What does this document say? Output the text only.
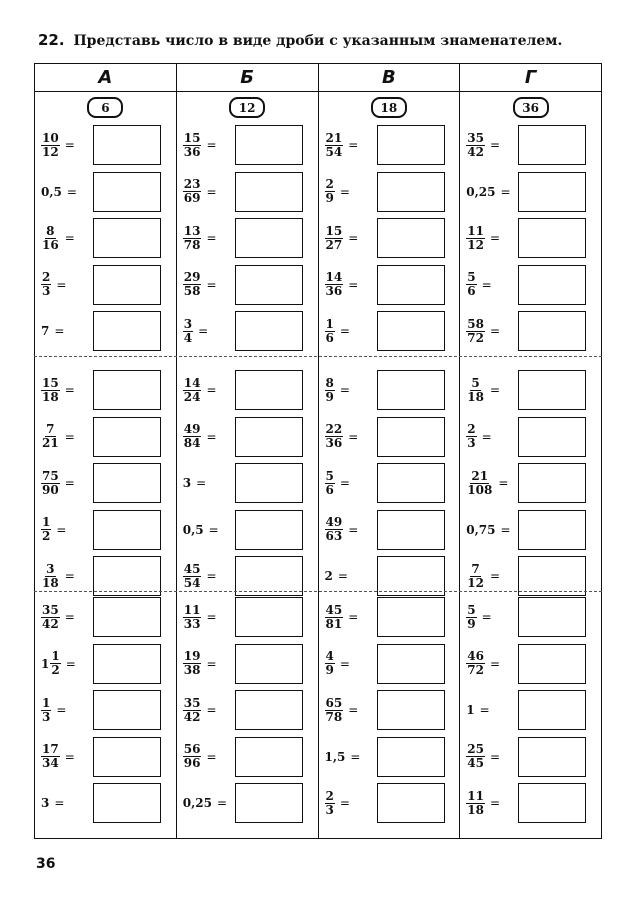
22. Представь число в виде дроби с указанным знаменателем.
А
6
$\frac{10}{12}$ =
0,5 =
$\frac{8}{16}$ =
$\frac{2}{3}$ =
7 =
$\frac{15}{18}$ =
$\frac{7}{21}$ =
$\frac{75}{90}$ =
$\frac{1}{2}$ =
$\frac{3}{18}$ =
$\frac{35}{42}$ =
$1 \frac{1}{2}$ =
$\frac{1}{3}$ =
$\frac{17}{34}$ =
3 =
Б
12
$\frac{15}{36}$ =
$\frac{23}{69}$ =
$\frac{13}{78}$ =
$\frac{29}{58}$ =
$\frac{3}{4}$ =
$\frac{14}{24}$ =
$\frac{49}{84}$ =
3 =
0,5 =
$\frac{45}{54}$ =
$\frac{11}{33}$ =
$\frac{19}{38}$ =
$\frac{35}{42}$ =
$\frac{56}{96}$ =
0,25 =
В
18
$\frac{21}{54}$ =
$\frac{2}{9}$ =
$\frac{15}{27}$ =
$\frac{14}{36}$ =
$\frac{1}{6}$ =
$\frac{8}{9}$ =
$\frac{22}{36}$ =
$\frac{5}{6}$ =
$\frac{49}{63}$ =
2 =
$\frac{45}{81}$ =
$\frac{4}{9}$ =
$\frac{65}{78}$ =
1,5 =
$\frac{2}{3}$ =
Г
36
$\frac{35}{42}$ =
0,25 =
$\frac{11}{12}$ =
$\frac{5}{6}$ =
$\frac{58}{72}$ =
$\frac{5}{18}$ =
$\frac{2}{3}$ =
$\frac{21}{108}$ =
0,75 =
$\frac{7}{12}$ =
$\frac{5}{9}$ =
$\frac{46}{72}$ =
1 =
$\frac{25}{45}$ =
$\frac{11}{18}$ =
36
